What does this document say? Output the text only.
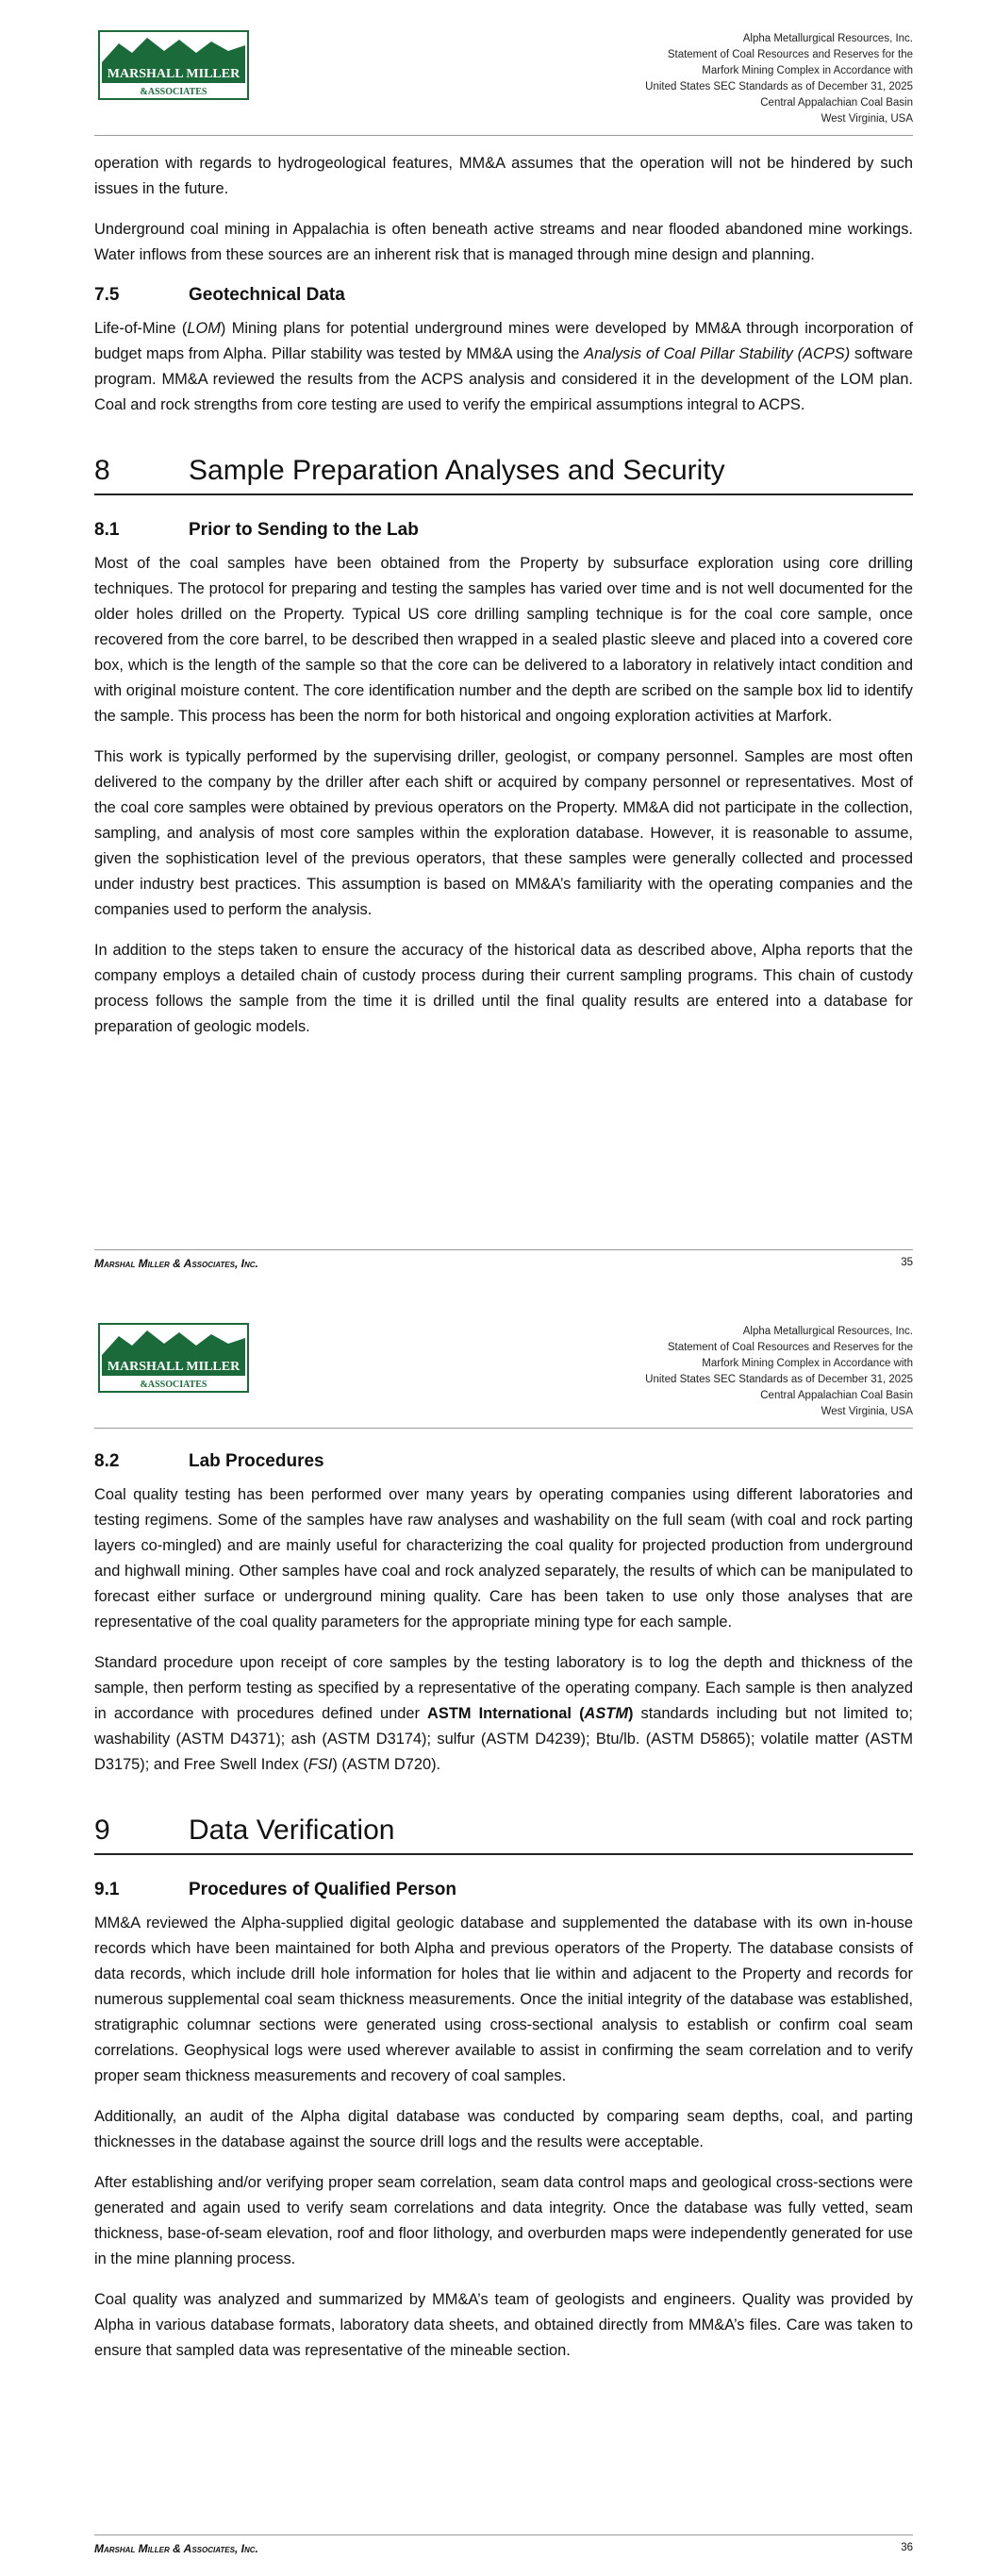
MARSHALL MILLER
&ASSOCIATES
Alpha Metallurgical Resources, Inc.
Statement of Coal Resources and Reserves for the
Marfork Mining Complex in Accordance with
United States SEC Standards as of December 31, 2025
Central Appalachian Coal Basin
West Virginia, USA

operation with regards to hydrogeological features, MM&A assumes that the operation will not be hindered by such issues in the future.

Underground coal mining in Appalachia is often beneath active streams and near flooded abandoned mine workings. Water inflows from these sources are an inherent risk that is managed through mine design and planning.

7.5	Geotechnical Data

Life-of-Mine (LOM) Mining plans for potential underground mines were developed by MM&A through incorporation of budget maps from Alpha. Pillar stability was tested by MM&A using the Analysis of Coal Pillar Stability (ACPS) software program. MM&A reviewed the results from the ACPS analysis and considered it in the development of the LOM plan. Coal and rock strengths from core testing are used to verify the empirical assumptions integral to ACPS.

8	Sample Preparation Analyses and Security
8.1	Prior to Sending to the Lab

Most of the coal samples have been obtained from the Property by subsurface exploration using core drilling techniques. The protocol for preparing and testing the samples has varied over time and is not well documented for the older holes drilled on the Property. Typical US core drilling sampling technique is for the coal core sample, once recovered from the core barrel, to be described then wrapped in a sealed plastic sleeve and placed into a covered core box, which is the length of the sample so that the core can be delivered to a laboratory in relatively intact condition and with original moisture content. The core identification number and the depth are scribed on the sample box lid to identify the sample. This process has been the norm for both historical and ongoing exploration activities at Marfork.

This work is typically performed by the supervising driller, geologist, or company personnel. Samples are most often delivered to the company by the driller after each shift or acquired by company personnel or representatives. Most of the coal core samples were obtained by previous operators on the Property. MM&A did not participate in the collection, sampling, and analysis of most core samples within the exploration database. However, it is reasonable to assume, given the sophistication level of the previous operators, that these samples were generally collected and processed under industry best practices. This assumption is based on MM&A’s familiarity with the operating companies and the companies used to perform the analysis.

In addition to the steps taken to ensure the accuracy of the historical data as described above, Alpha reports that the company employs a detailed chain of custody process during their current sampling programs. This chain of custody process follows the sample from the time it is drilled until the final quality results are entered into a database for preparation of geologic models.

Marshal Miller & Associates, Inc.	35
MARSHALL MILLER
&ASSOCIATES
Alpha Metallurgical Resources, Inc.
Statement of Coal Resources and Reserves for the
Marfork Mining Complex in Accordance with
United States SEC Standards as of December 31, 2025
Central Appalachian Coal Basin
West Virginia, USA
8.2	Lab Procedures

Coal quality testing has been performed over many years by operating companies using different laboratories and testing regimens. Some of the samples have raw analyses and washability on the full seam (with coal and rock parting layers co-mingled) and are mainly useful for characterizing the coal quality for projected production from underground and highwall mining. Other samples have coal and rock analyzed separately, the results of which can be manipulated to forecast either surface or underground mining quality. Care has been taken to use only those analyses that are representative of the coal quality parameters for the appropriate mining type for each sample.

Standard procedure upon receipt of core samples by the testing laboratory is to log the depth and thickness of the sample, then perform testing as specified by a representative of the operating company. Each sample is then analyzed in accordance with procedures defined under ASTM International (ASTM) standards including but not limited to; washability (ASTM D4371); ash (ASTM D3174); sulfur (ASTM D4239); Btu/lb. (ASTM D5865); volatile matter (ASTM D3175); and Free Swell Index (FSI) (ASTM D720).

9	Data Verification
9.1	Procedures of Qualified Person

MM&A reviewed the Alpha-supplied digital geologic database and supplemented the database with its own in-house records which have been maintained for both Alpha and previous operators of the Property. The database consists of data records, which include drill hole information for holes that lie within and adjacent to the Property and records for numerous supplemental coal seam thickness measurements. Once the initial integrity of the database was established, stratigraphic columnar sections were generated using cross-sectional analysis to establish or confirm coal seam correlations. Geophysical logs were used wherever available to assist in confirming the seam correlation and to verify proper seam thickness measurements and recovery of coal samples.

Additionally, an audit of the Alpha digital database was conducted by comparing seam depths, coal, and parting thicknesses in the database against the source drill logs and the results were acceptable.

After establishing and/or verifying proper seam correlation, seam data control maps and geological cross-sections were generated and again used to verify seam correlations and data integrity. Once the database was fully vetted, seam thickness, base-of-seam elevation, roof and floor lithology, and overburden maps were independently generated for use in the mine planning process.

Coal quality was analyzed and summarized by MM&A’s team of geologists and engineers. Quality was provided by Alpha in various database formats, laboratory data sheets, and obtained directly from MM&A’s files. Care was taken to ensure that sampled data was representative of the mineable section.

Marshal Miller & Associates, Inc.	36
